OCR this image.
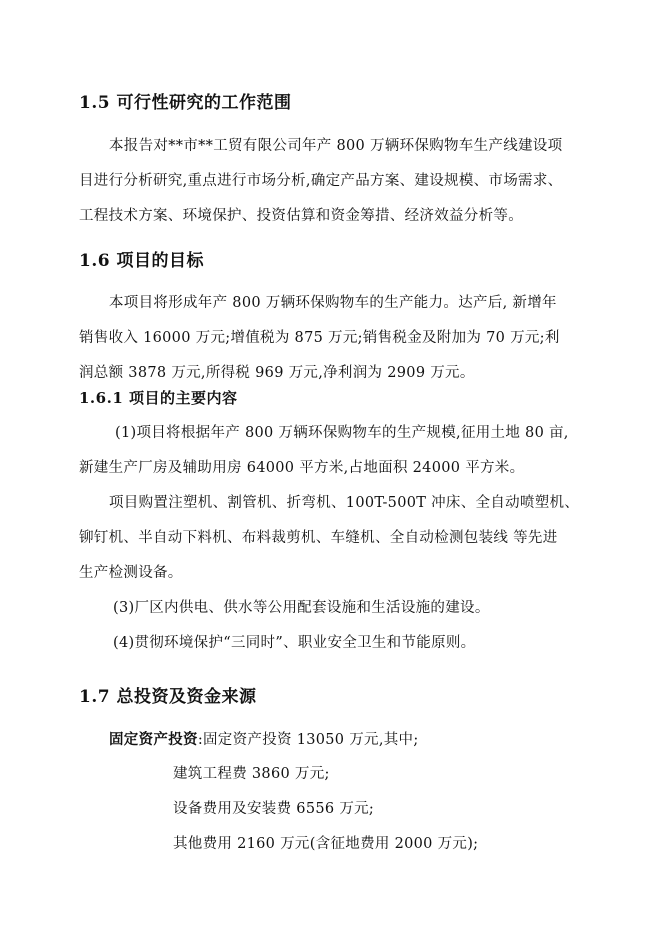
1.5 可行性研究的工作范围
本报告对**市**工贸有限公司年产 800 万辆环保购物车生产线建设项
目进行分析研究,重点进行市场分析,确定产品方案、建设规模、市场需求、
工程技术方案、环境保护、投资估算和资金筹措、经济效益分析等。
1.6 项目的目标
本项目将形成年产 800 万辆环保购物车的生产能力。达产后, 新增年
销售收入 16000 万元;增值税为 875 万元;销售税金及附加为 70 万元;利
润总额 3878 万元,所得税 969 万元,净利润为 2909 万元。
1.6.1 项目的主要内容
(1)项目将根据年产 800 万辆环保购物车的生产规模,征用土地 80 亩,
新建生产厂房及辅助用房 64000 平方米,占地面积 24000 平方米。
项目购置注塑机、割管机、折弯机、100T-500T 冲床、全自动喷塑机、
铆钉机、半自动下料机、布料裁剪机、车缝机、全自动检测包装线 等先进
生产检测设备。
(3)厂区内供电、供水等公用配套设施和生活设施的建设。
(4)贯彻环境保护“三同时”、职业安全卫生和节能原则。
1.7 总投资及资金来源
固定资产投资:固定资产投资 13050 万元,其中;
建筑工程费 3860 万元;
设备费用及安装费 6556 万元;
其他费用 2160 万元(含征地费用 2000 万元);
